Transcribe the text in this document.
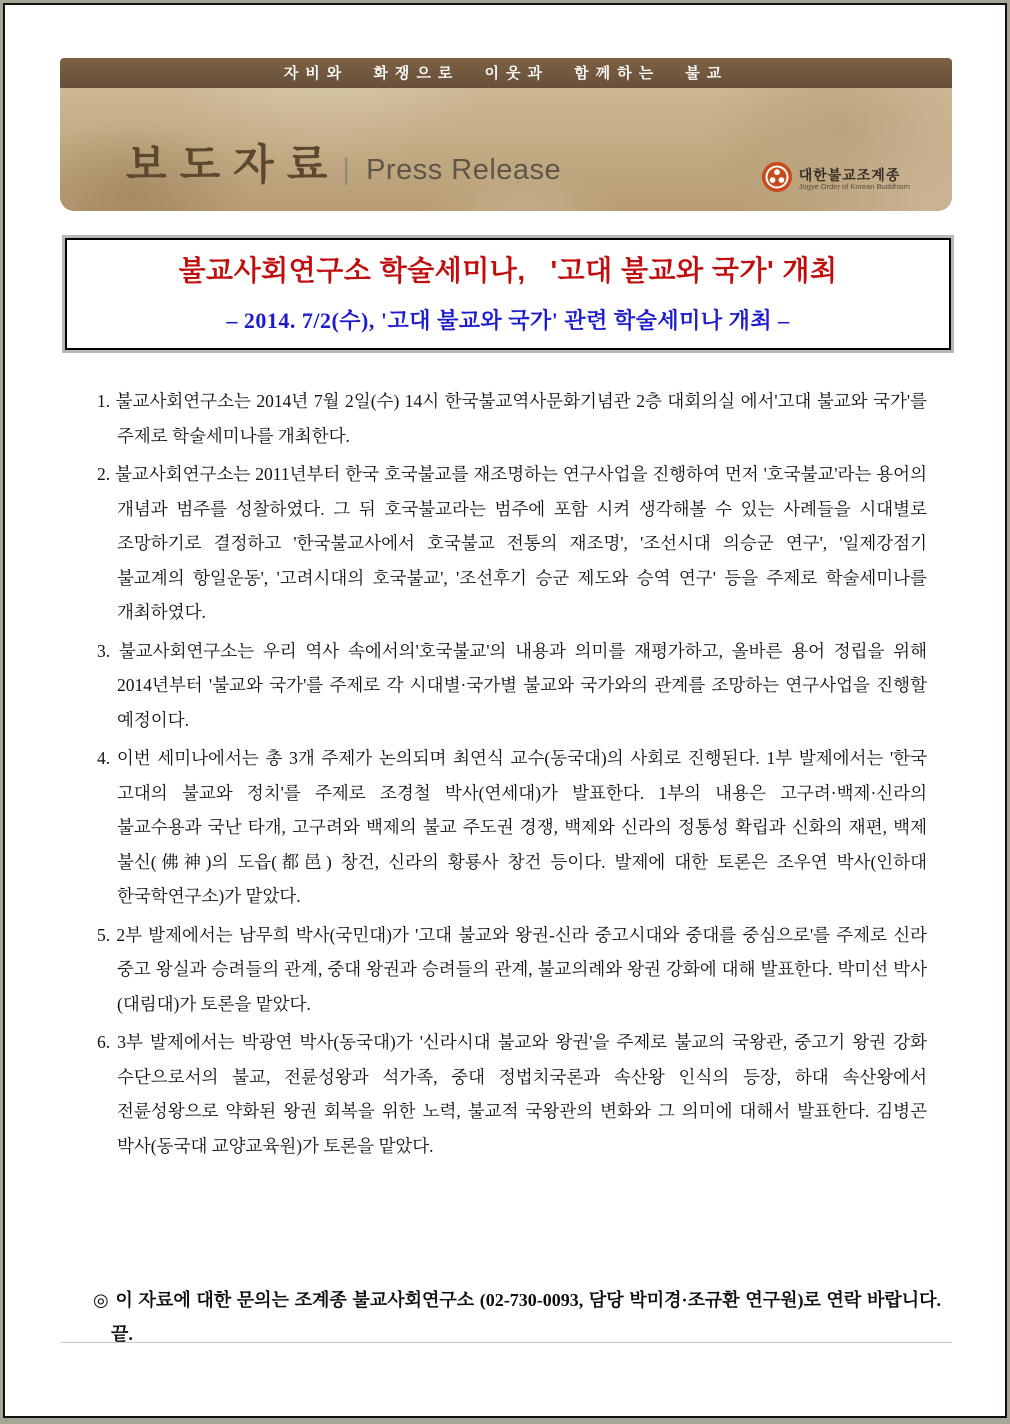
자비와 화쟁으로 이웃과 함께하는 불교
보도자료 | Press Release	대한불교조계종
Jogye Order of Korean Buddhism
불교사회연구소 학술세미나,   '고대 불교와 국가' 개최
– 2014. 7/2(수), '고대 불교와 국가' 관련 학술세미나 개최 –

1. 불교사회연구소는 2014년 7월 2일(수) 14시 한국불교역사문화기념관 2층 대회의실 에서'고대 불교와 국가'를 주제로 학술세미나를 개최한다.

2. 불교사회연구소는 2011년부터 한국 호국불교를 재조명하는 연구사업을 진행하여 먼저 '호국불교'라는 용어의 개념과 범주를 성찰하였다. 그 뒤 호국불교라는 범주에 포함 시켜 생각해볼 수 있는 사례들을 시대별로 조망하기로 결정하고 '한국불교사에서 호국불교 전통의 재조명', '조선시대 의승군 연구', '일제강점기 불교계의 항일운동', '고려시대의 호국불교', '조선후기 승군 제도와 승역 연구' 등을 주제로 학술세미나를 개최하였다.

3. 불교사회연구소는 우리 역사 속에서의'호국불교'의 내용과 의미를 재평가하고, 올바른 용어 정립을 위해 2014년부터 '불교와 국가'를 주제로 각 시대별·국가별 불교와 국가와의 관계를 조망하는 연구사업을 진행할 예정이다.

4. 이번 세미나에서는 총 3개 주제가 논의되며 최연식 교수(동국대)의 사회로 진행된다. 1부 발제에서는 '한국 고대의 불교와 정치'를 주제로 조경철 박사(연세대)가 발표한다. 1부의 내용은 고구려·백제·신라의 불교수용과 국난 타개, 고구려와 백제의 불교 주도권 경쟁, 백제와 신라의 정통성 확립과 신화의 재편, 백제 불신(佛神)의 도읍(都邑) 창건, 신라의 황룡사 창건 등이다. 발제에 대한 토론은 조우연 박사(인하대 한국학연구소)가 맡았다.

5. 2부 발제에서는 남무희 박사(국민대)가 '고대 불교와 왕권-신라 중고시대와 중대를 중심으로'를 주제로 신라 중고 왕실과 승려들의 관계, 중대 왕권과 승려들의 관계, 불교의례와 왕권 강화에 대해 발표한다. 박미선 박사(대림대)가 토론을 맡았다.

6. 3부 발제에서는 박광연 박사(동국대)가 '신라시대 불교와 왕권'을 주제로 불교의 국왕관, 중고기 왕권 강화 수단으로서의 불교, 전륜성왕과 석가족, 중대 정법치국론과 속산왕 인식의 등장, 하대 속산왕에서 전륜성왕으로 약화된 왕권 회복을 위한 노력, 불교적 국왕관의 변화와 그 의미에 대해서 발표한다. 김병곤 박사(동국대 교양교육원)가 토론을 맡았다.

◎ 이 자료에 대한 문의는 조계종 불교사회연구소 (02-730-0093, 담당 박미경·조규환 연구원)로 연락 바랍니다. 끝.
